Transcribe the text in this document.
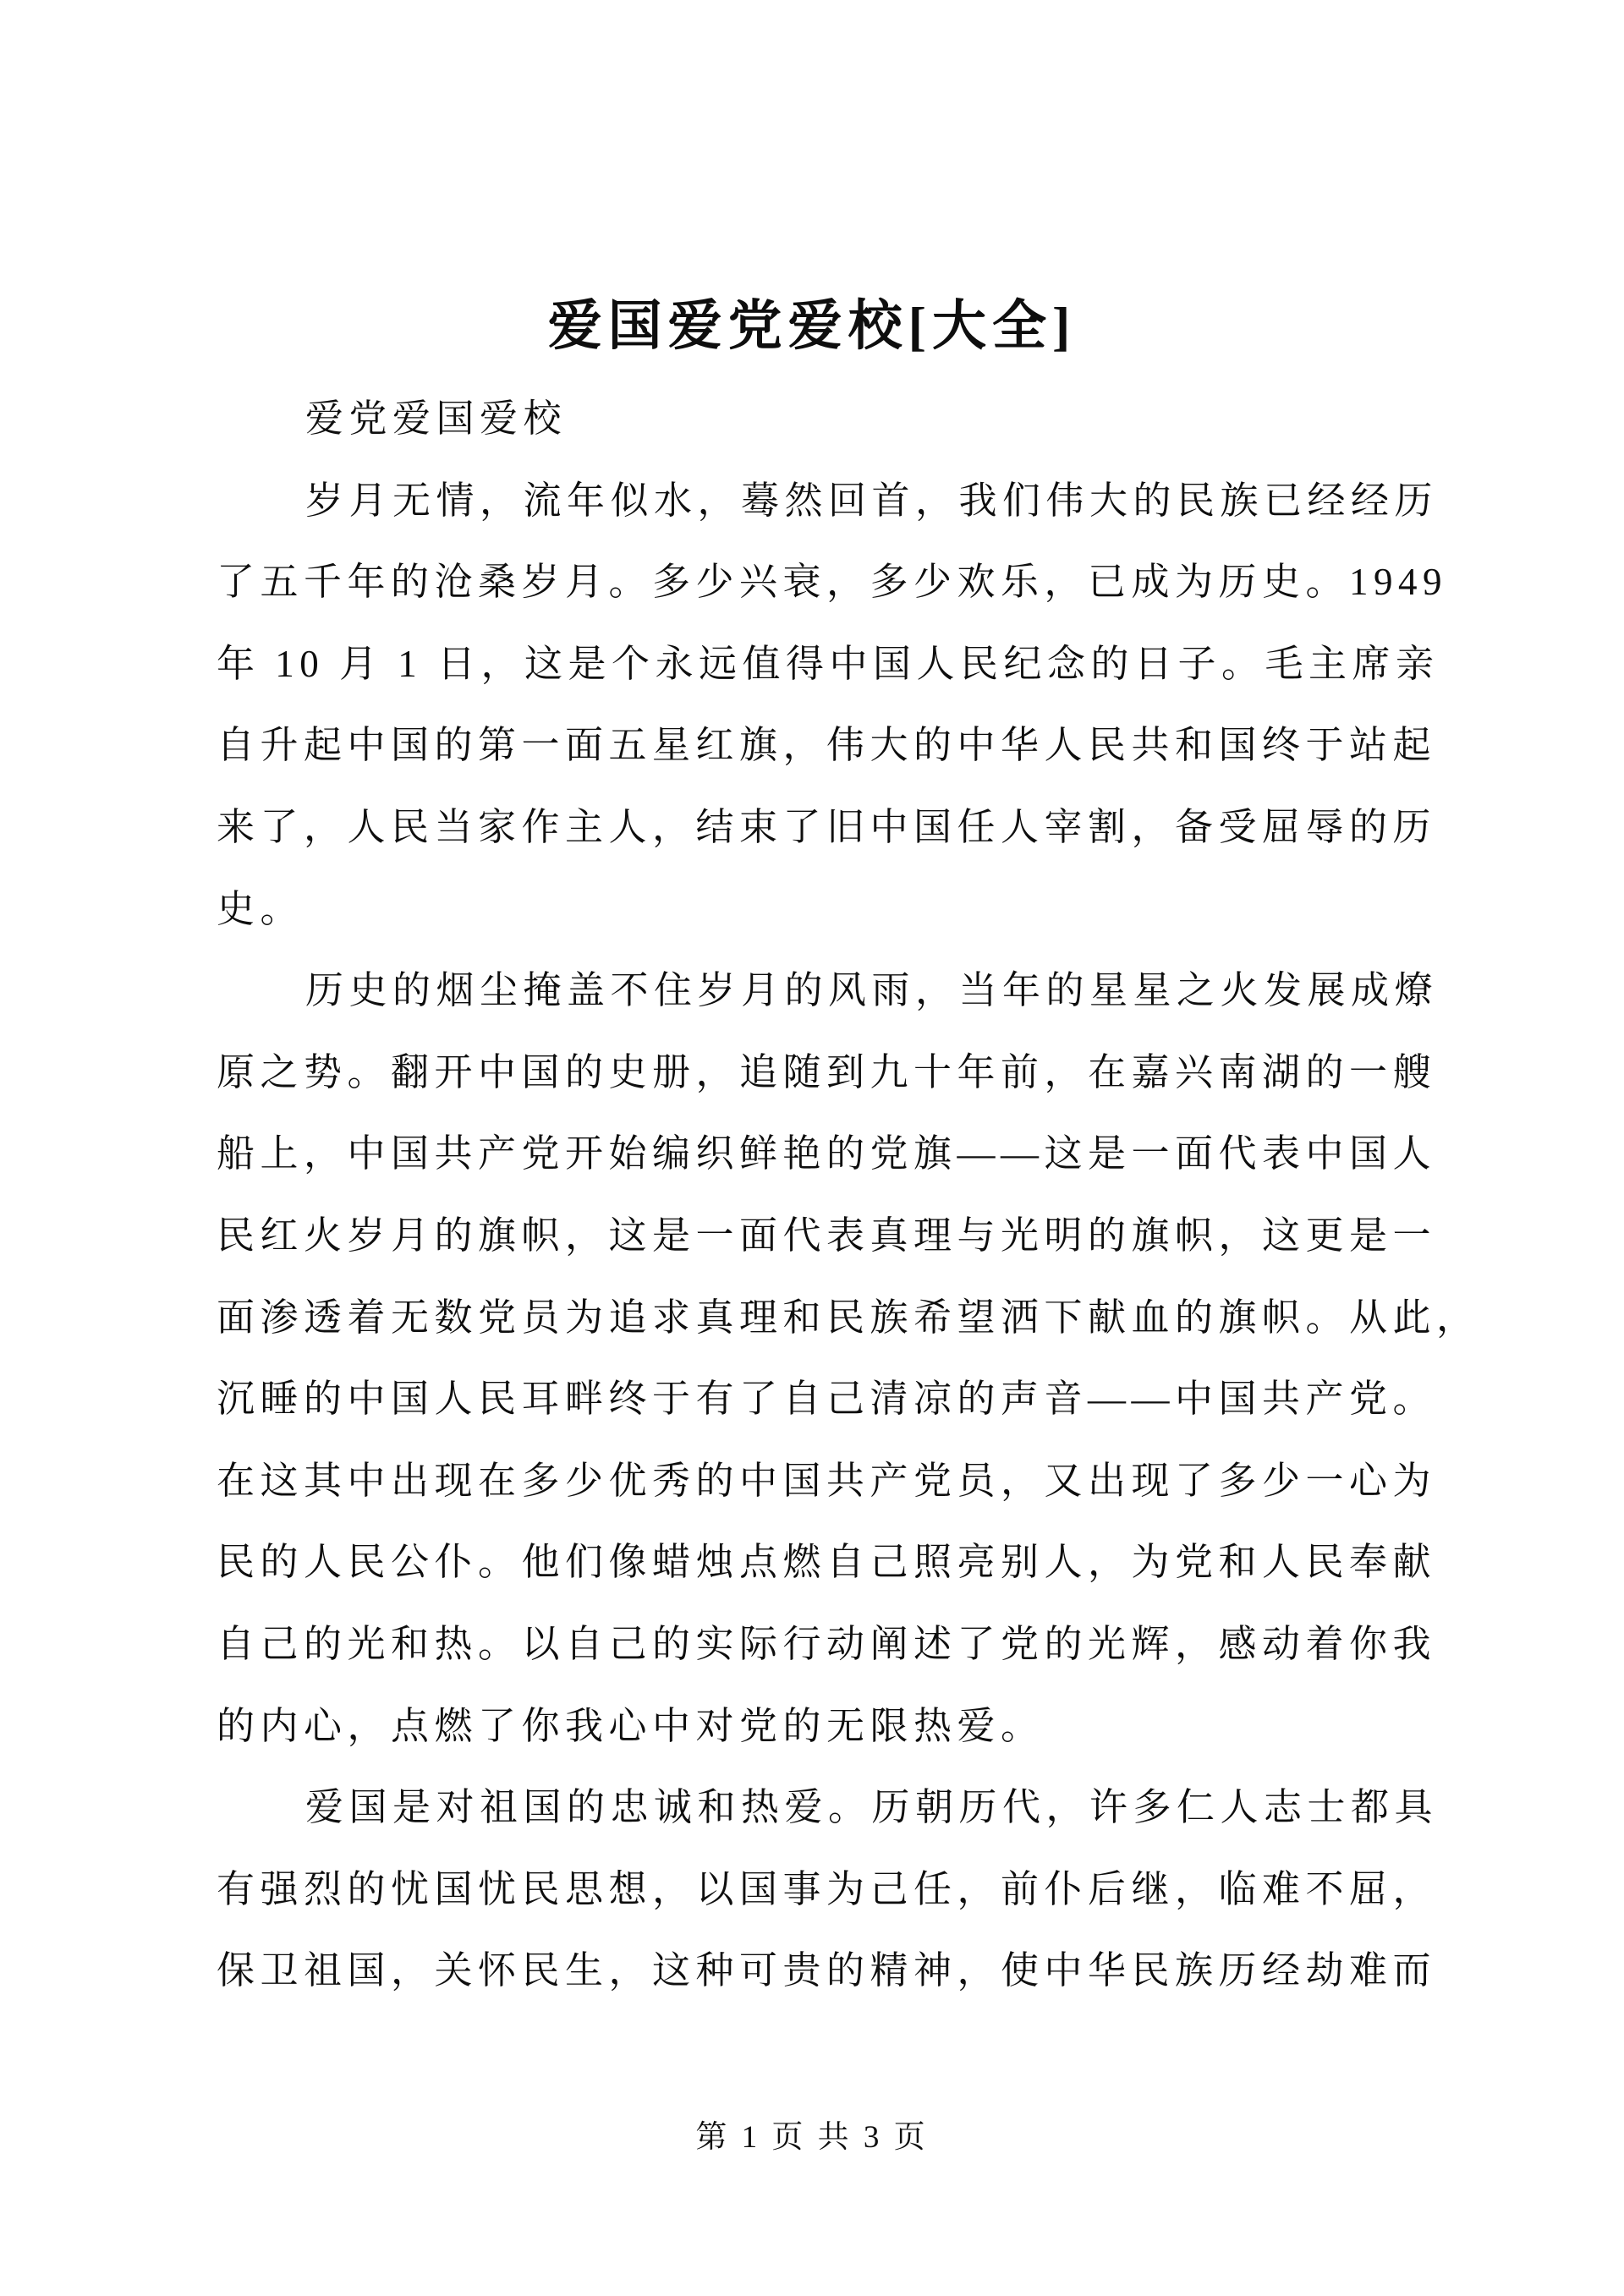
爱国爱党爱校[大全]
爱党爱国爱校
岁月无情，流年似水，蓦然回首，我们伟大的民族已经经历
了五千年的沧桑岁月。多少兴衰，多少欢乐，已成为历史。1949
年 10 月 1 日，这是个永远值得中国人民纪念的日子。毛主席亲
自升起中国的第一面五星红旗，伟大的中华人民共和国终于站起
来了，人民当家作主人，结束了旧中国任人宰割，备受屈辱的历
史。
历史的烟尘掩盖不住岁月的风雨，当年的星星之火发展成燎
原之势。翻开中国的史册，追随到九十年前，在嘉兴南湖的一艘
船上，中国共产党开始编织鲜艳的党旗——这是一面代表中国人
民红火岁月的旗帜，这是一面代表真理与光明的旗帜，这更是一
面渗透着无数党员为追求真理和民族希望洒下献血的旗帜。从此，
沉睡的中国人民耳畔终于有了自己清凉的声音——中国共产党。
在这其中出现在多少优秀的中国共产党员，又出现了多少一心为
民的人民公仆。他们像蜡烛点燃自己照亮别人，为党和人民奉献
自己的光和热。以自己的实际行动阐述了党的光辉，感动着你我
的内心，点燃了你我心中对党的无限热爱。
爱国是对祖国的忠诚和热爱。历朝历代，许多仁人志士都具
有强烈的忧国忧民思想，以国事为己任，前仆后继，临难不屈，
保卫祖国，关怀民生，这种可贵的精神，使中华民族历经劫难而
第 1 页 共 3 页
